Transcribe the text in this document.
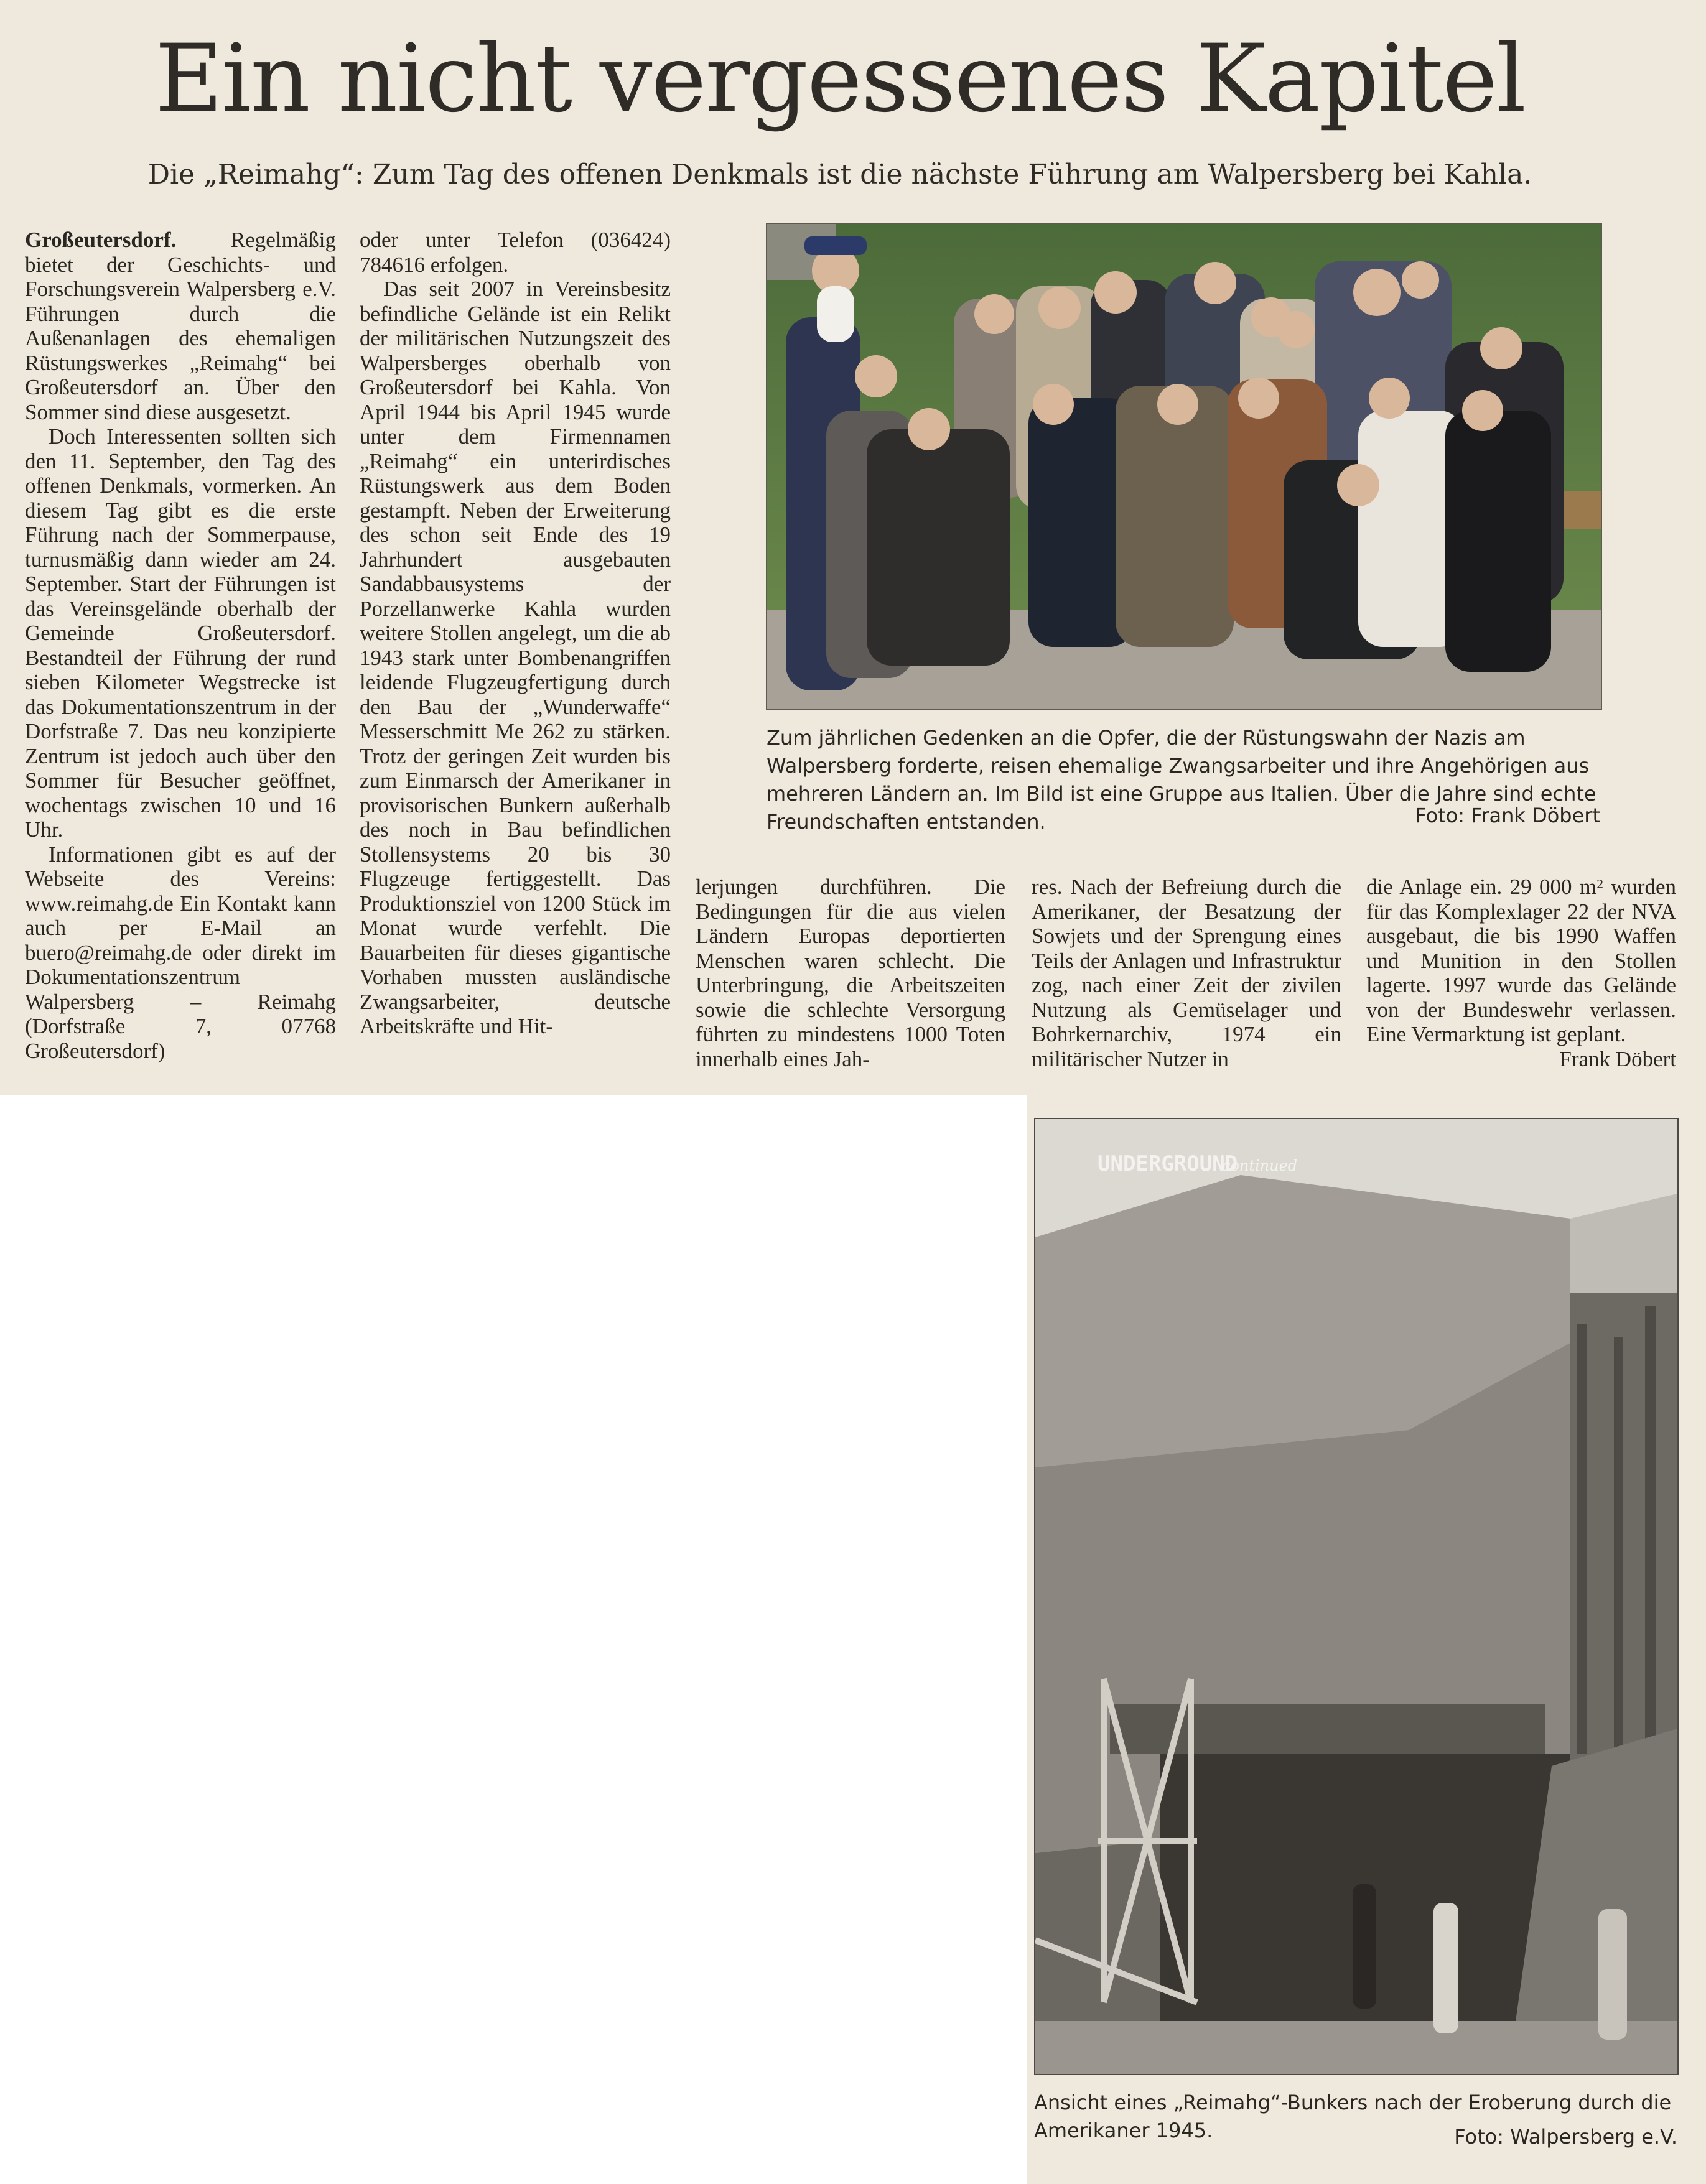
Ein nicht vergessenes Kapitel
Die „Reimahg“: Zum Tag des offenen Denkmals ist die nächste Führung am Walpersberg bei Kahla.

Großeutersdorf.	Regelmäßig bietet der Geschichts- und Forschungsverein Walpersberg e.V. Führungen durch die Außenanlagen des ehemaligen Rüstungswerkes „Reimahg“ bei Großeutersdorf an. Über den Sommer sind diese ausgesetzt.

Doch Interessenten sollten sich den 11. September, den Tag des offenen Denkmals, vormerken. An diesem Tag gibt es die erste Führung nach der Sommerpause, turnusmäßig dann wieder am 24. September. Start der Führungen ist das Vereinsgelände oberhalb der Gemeinde Großeutersdorf. Bestandteil der Führung der rund sieben Kilometer Wegstrecke ist das Dokumentationszentrum in der Dorfstraße 7. Das neu konzipierte Zentrum ist jedoch auch über den Sommer für Besucher geöffnet, wochentags zwischen 10 und 16 Uhr.

Informationen gibt es auf der Webseite des Vereins: www.reimahg.de Ein Kontakt kann auch per E-Mail an buero@reimahg.de oder direkt im Dokumentationszentrum Walpersberg – Reimahg (Dorfstraße 7, 07768 Großeutersdorf)

oder unter Telefon (036424) 784616 erfolgen.

Das seit 2007 in Vereinsbesitz befindliche Gelände ist ein Relikt der militärischen Nutzungszeit des Walpersberges oberhalb von Großeutersdorf bei Kahla. Von April 1944 bis April 1945 wurde unter dem Firmennamen „Reimahg“ ein unterirdisches Rüstungswerk aus dem Boden gestampft. Neben der Erweiterung des schon seit Ende des 19 Jahrhundert ausgebauten Sandabbausystems der Porzellanwerke Kahla wurden weitere Stollen angelegt, um die ab 1943 stark unter Bombenangriffen leidende Flugzeugfertigung durch den Bau der „Wunderwaffe“ Messerschmitt Me 262 zu stärken. Trotz der geringen Zeit wurden bis zum Einmarsch der Amerikaner in provisorischen Bunkern außerhalb des noch in Bau befindlichen Stollensystems 20 bis 30 Flugzeuge fertiggestellt. Das Produktionsziel von 1200 Stück im Monat wurde verfehlt. Die Bauarbeiten für dieses gigantische Vorhaben mussten ausländische Zwangsarbeiter, deutsche Arbeitskräfte und Hit-

lerjungen durchführen. Die Bedingungen für die aus vielen Ländern Europas deportierten Menschen waren schlecht. Die Unterbringung, die Arbeitszeiten sowie die schlechte Versorgung führten zu mindestens 1000 Toten innerhalb eines Jah-

res. Nach der Befreiung durch die Amerikaner, der Besatzung der Sowjets und der Sprengung eines Teils der Anlagen und Infrastruktur zog, nach einer Zeit der zivilen Nutzung als Gemüselager und Bohrkernarchiv, 1974 ein militärischer Nutzer in

die Anlage ein. 29 000 m² wurden für das Komplexlager 22 der NVA ausgebaut, die bis 1990 Waffen und Munition in den Stollen lagerte. 1997 wurde das Gelände von der Bundeswehr verlassen. Eine Vermarktung ist geplant.

Frank Döbert
Zum jährlichen Gedenken an die Opfer, die der Rüstungswahn der Nazis am Walpersberg forderte, reisen ehemalige Zwangsarbeiter und ihre Angehörigen aus mehreren Ländern an. Im Bild ist eine Gruppe aus Italien. Über die Jahre sind echte Freundschaften entstanden.	Foto: Frank Döbert
UNDERGROUND
continued
Ansicht eines „Reimahg“-Bunkers nach der Eroberung durch die Amerikaner 1945.	Foto: Walpersberg e.V.
